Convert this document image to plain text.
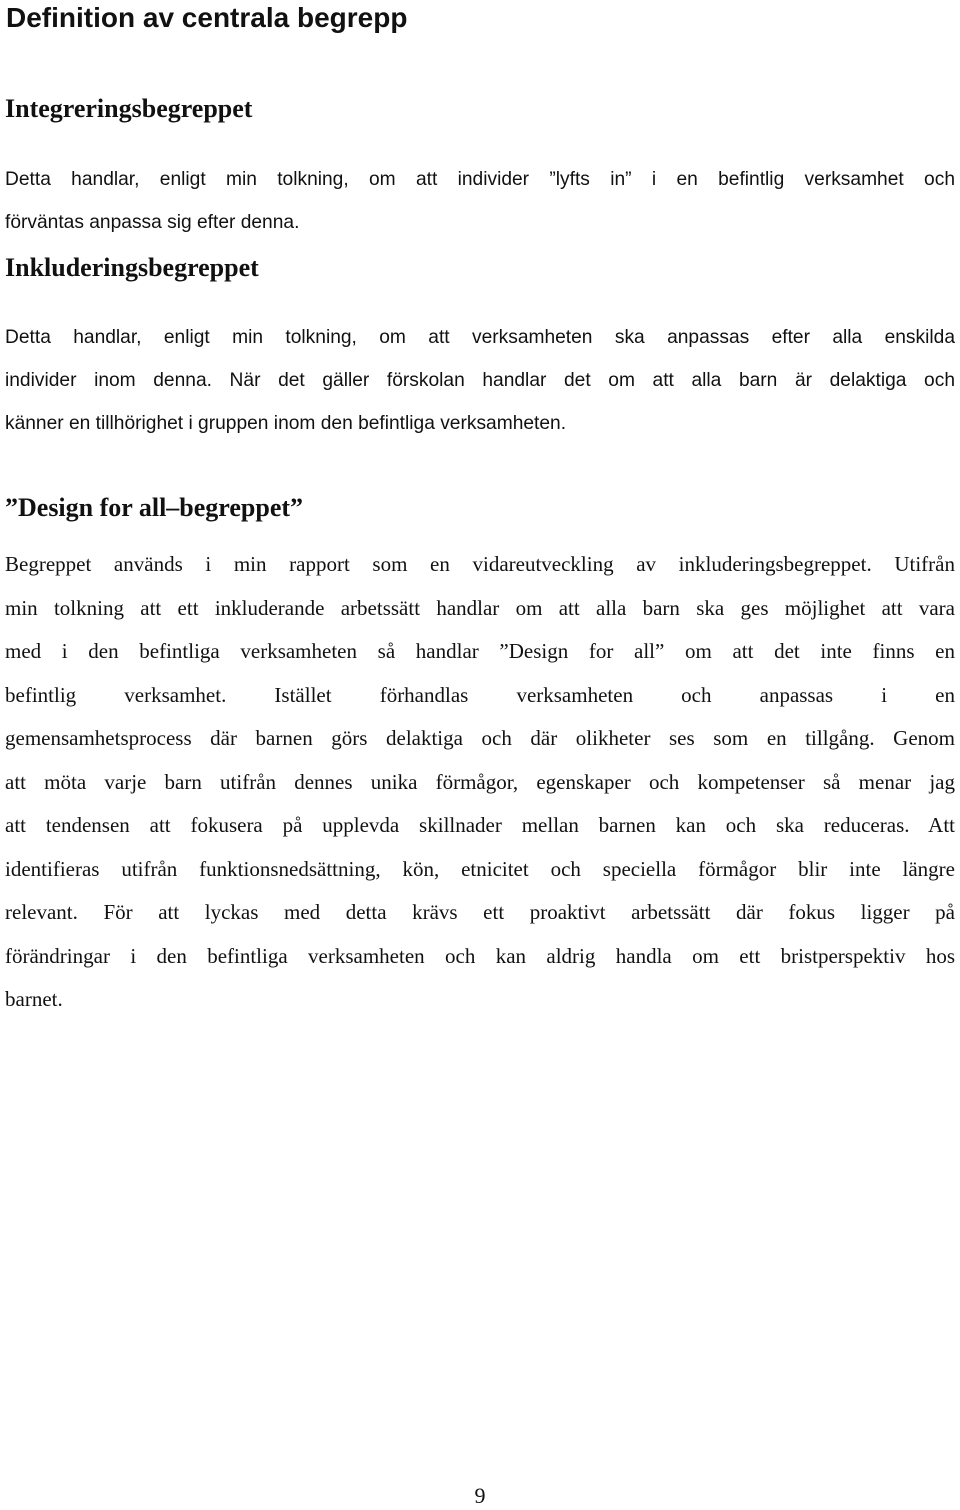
Definition av centrala begrepp
Integreringsbegreppet
Detta handlar, enligt min tolkning, om att individer ”lyfts in” i en befintlig verksamhet och
förväntas anpassa sig efter denna.
Inkluderingsbegreppet
Detta handlar, enligt min tolkning, om att verksamheten ska anpassas efter alla enskilda
individer inom denna. När det gäller förskolan handlar det om att alla barn är delaktiga och
känner en tillhörighet i gruppen inom den befintliga verksamheten.
”Design for all–begreppet”
Begreppet används i min rapport som en vidareutveckling av inkluderingsbegreppet. Utifrån
min tolkning att ett inkluderande arbetssätt handlar om att alla barn ska ges möjlighet att vara
med i den befintliga verksamheten så handlar ”Design for all” om att det inte finns en
befintlig verksamhet. Istället förhandlas verksamheten och anpassas i en
gemensamhetsprocess där barnen görs delaktiga och där olikheter ses som en tillgång. Genom
att möta varje barn utifrån dennes unika förmågor, egenskaper och kompetenser så menar jag
att tendensen att fokusera på upplevda skillnader mellan barnen kan och ska reduceras. Att
identifieras utifrån funktionsnedsättning, kön, etnicitet och speciella förmågor blir inte längre
relevant. För att lyckas med detta krävs ett proaktivt arbetssätt där fokus ligger på
förändringar i den befintliga verksamheten och kan aldrig handla om ett bristperspektiv hos
barnet.
9
